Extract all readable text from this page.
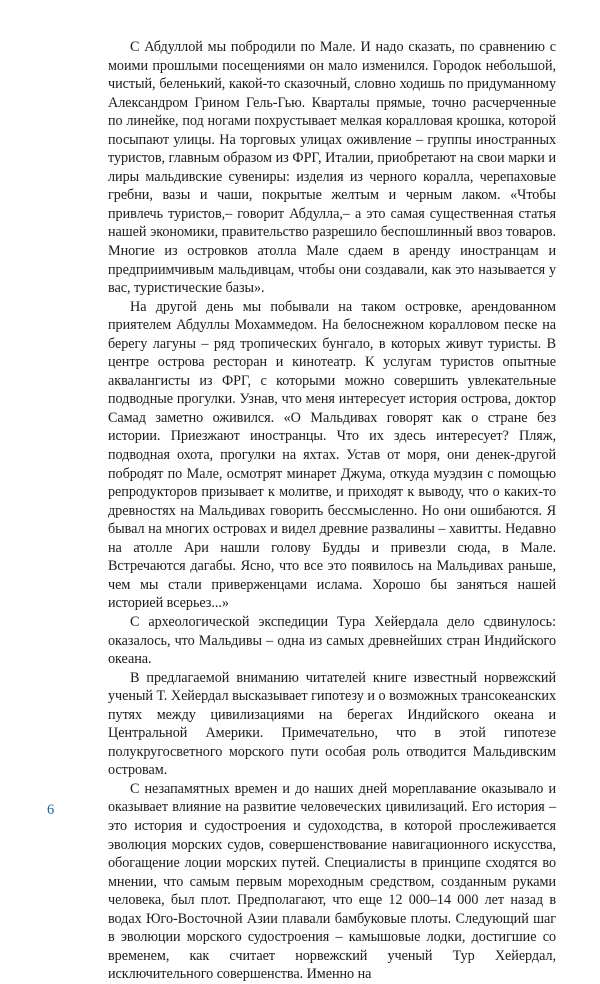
С Абдуллой мы побродили по Мале. И надо сказать, по сравнению с моими прошлыми посещениями он мало изменился. Городок небольшой, чистый, беленький, какой-то сказочный, словно ходишь по придуманному Александром Грином Гель-Гью. Кварталы прямые, точно расчерченные по линейке, под ногами похрустывает мелкая коралловая крошка, которой посыпают улицы. На торговых улицах оживление – группы иностранных туристов, главным образом из ФРГ, Италии, приобретают на свои марки и лиры мальдивские сувениры: изделия из черного коралла, черепаховые гребни, вазы и чаши, покрытые желтым и черным лаком. «Чтобы привлечь туристов,– говорит Абдулла,– а это самая существенная статья нашей экономики, правительство разрешило беспошлинный ввоз товаров. Многие из островков атолла Мале сдаем в аренду иностранцам и предприимчивым мальдивцам, чтобы они создавали, как это называется у вас, туристические базы».

На другой день мы побывали на таком островке, арендованном приятелем Абдуллы Мохаммедом. На белоснежном коралловом песке на берегу лагуны – ряд тропических бунгало, в которых живут туристы. В центре острова ресторан и кинотеатр. К услугам туристов опытные аквалангисты из ФРГ, с которыми можно совершить увлекательные подводные прогулки. Узнав, что меня интересует история острова, доктор Самад заметно оживился. «О Мальдивах говорят как о стране без истории. Приезжают иностранцы. Что их здесь интересует? Пляж, подводная охота, прогулки на яхтах. Устав от моря, они денек-другой побродят по Мале, осмотрят минарет Джума, откуда муэдзин с помощью репродукторов призывает к молитве, и приходят к выводу, что о каких-то древностях на Мальдивах говорить бессмысленно. Но они ошибаются. Я бывал на многих островах и видел древние развалины – хавитты. Недавно на атолле Ари нашли голову Будды и привезли сюда, в Мале. Встречаются дагабы. Ясно, что все это появилось на Мальдивах раньше, чем мы стали приверженцами ислама. Хорошо бы заняться нашей историей всерьез...»

С археологической экспедиции Тура Хейердала дело сдвинулось: оказалось, что Мальдивы – одна из самых древнейших стран Индийского океана.

В предлагаемой вниманию читателей книге известный норвежский ученый Т. Хейердал высказывает гипотезу и о возможных трансокеанских путях между цивилизациями на берегах Индийского океана и Центральной Америки. Примечательно, что в этой гипотезе полукругосветного морского пути особая роль отводится Мальдивским островам.

С незапамятных времен и до наших дней мореплавание оказывало и оказывает влияние на развитие человеческих цивилизаций. Его история – это история и судостроения и судоходства, в которой прослеживается эволюция морских судов, совершенствование навигационного искусства, обогащение лоции морских путей. Специалисты в принципе сходятся во мнении, что самым первым мореходным средством, созданным руками человека, был плот. Предполагают, что еще 12 000–14 000 лет назад в водах Юго-Восточной Азии плавали бамбуковые плоты. Следующий шаг в эволюции морского судостроения – камышовые лодки, достигшие со временем, как считает норвежский ученый Тур Хейердал, исключительного совершенства. Именно на

6
